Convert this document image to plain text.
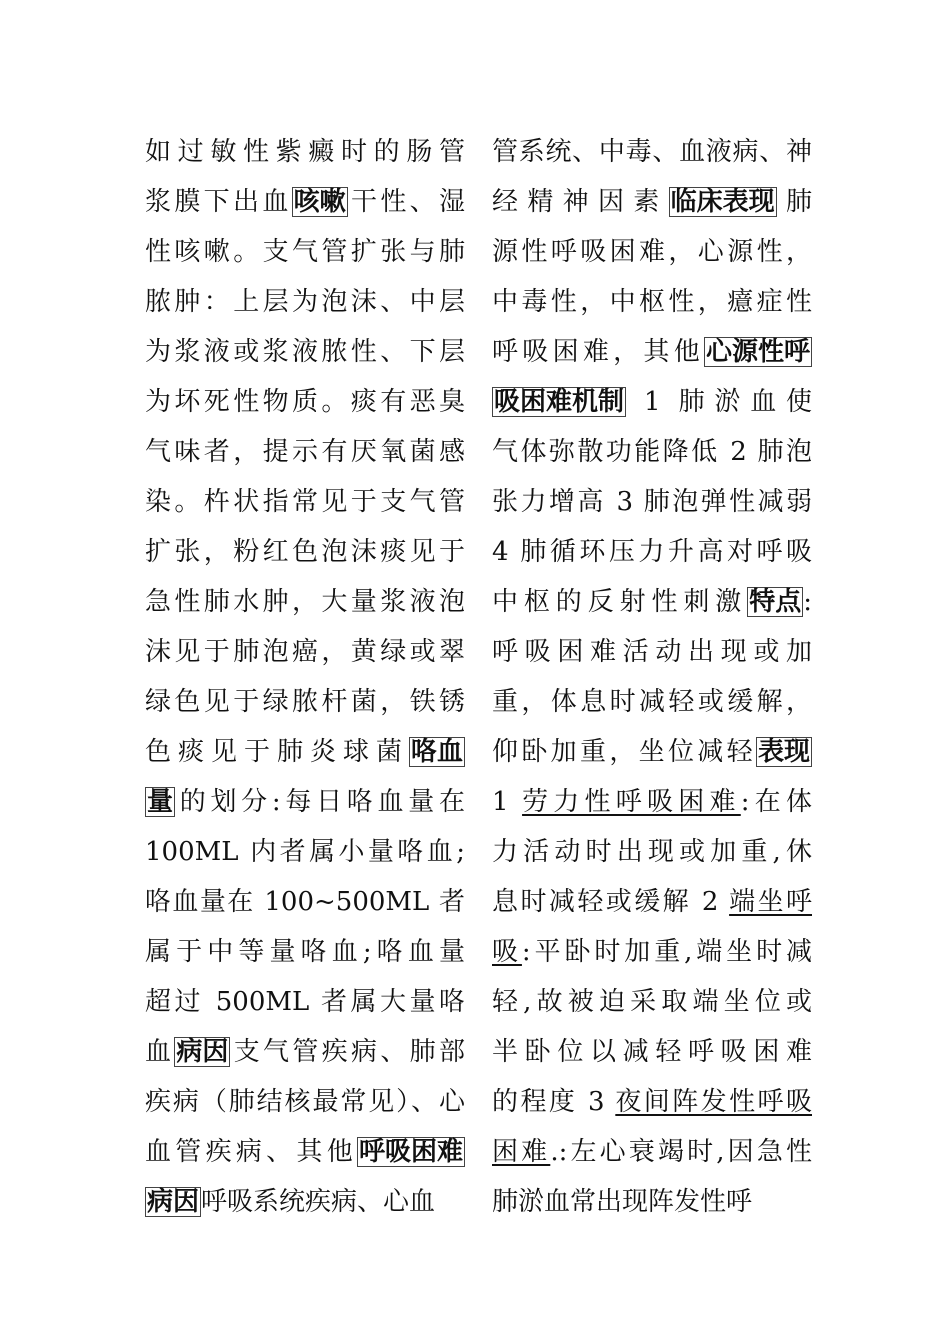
如过敏性紫癜时的肠管
浆膜下出血咳嗽干性、湿
性咳嗽。支气管扩张与肺
脓肿：上层为泡沫、中层
为浆液或浆液脓性、下层
为坏死性物质。痰有恶臭
气味者，提示有厌氧菌感
染。杵状指常见于支气管
扩张，粉红色泡沫痰见于
急性肺水肿，大量浆液泡
沫见于肺泡癌，黄绿或翠
绿色见于绿脓杆菌，铁锈
色痰见于肺炎球菌咯血
量的划分:每日咯血量在
100ML 内者属小量咯血;
咯血量在 100~500ML 者
属于中等量咯血;咯血量
超过 500ML 者属大量咯
血病因支气管疾病、肺部
疾病（肺结核最常见）、心
血管疾病、其他呼吸困难
病因呼吸系统疾病、心血
管系统、中毒、血液病、神
经精神因素临床表现肺
源性呼吸困难，心源性，
中毒性，中枢性，癔症性
呼吸困难，其他心源性呼
吸困难机制 1 肺淤血使
气体弥散功能降低 2 肺泡
张力增高 3 肺泡弹性减弱
4 肺循环压力升高对呼吸
中枢的反射性刺激特点:
呼吸困难活动出现或加
重，体息时减轻或缓解，
仰卧加重，坐位减轻表现
1 劳力性呼吸困难:在体
力活动时出现或加重,休
息时减轻或缓解 2 端坐呼
吸:平卧时加重,端坐时减
轻,故被迫采取端坐位或
半卧位以减轻呼吸困难
的程度 3 夜间阵发性呼吸
困难.:左心衰竭时,因急性
肺淤血常出现阵发性呼
